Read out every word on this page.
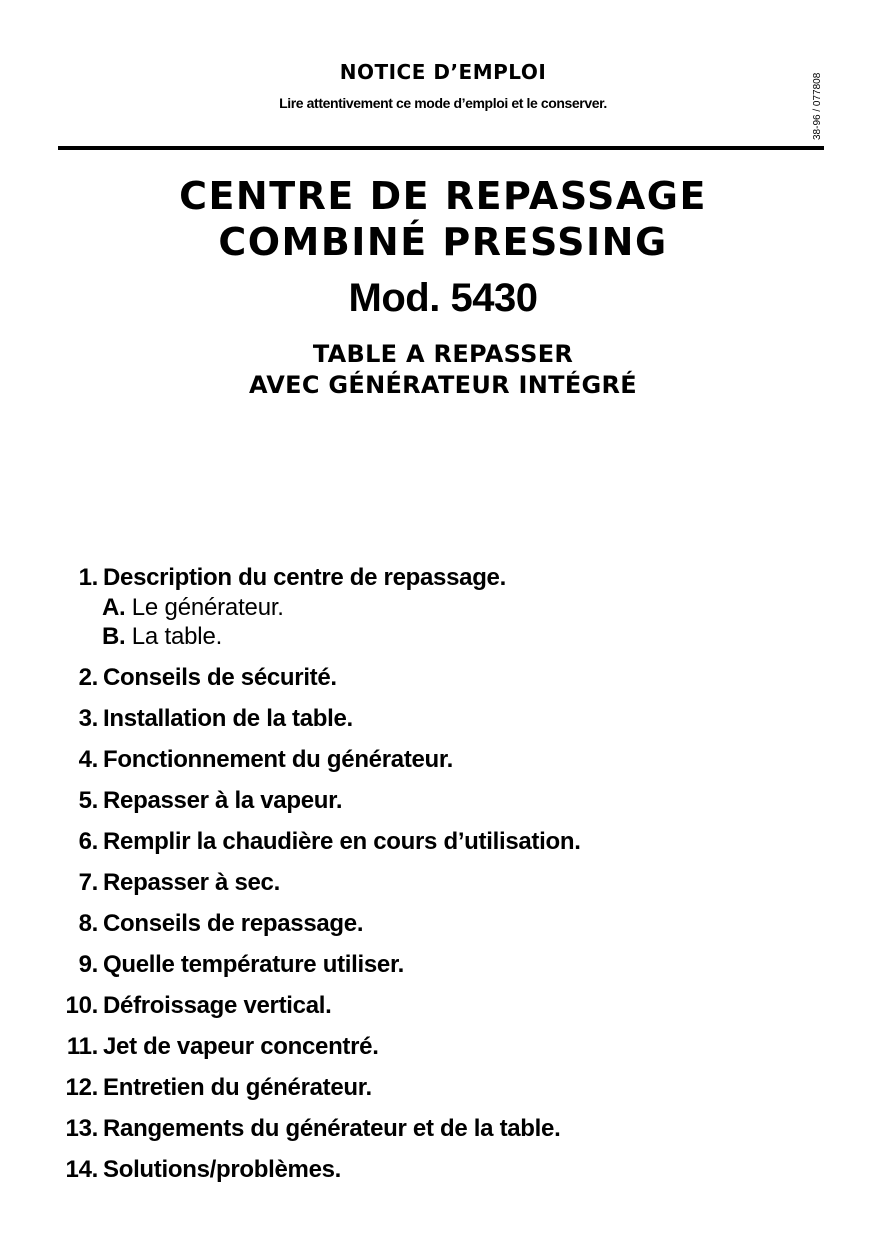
NOTICE D’EMPLOI
Lire attentivement ce mode d’emploi et le conserver.	38-96 / 077808
CENTRE DE REPASSAGE
COMBINÉ PRESSING
Mod. 5430
TABLE A REPASSER
AVEC GÉNÉRATEUR INTÉGRÉ
1. Description du centre de repassage.
A. Le générateur.
B. La table.
2. Conseils de sécurité.
3. Installation de la table.
4. Fonctionnement du générateur.
5. Repasser à la vapeur.
6. Remplir la chaudière en cours d’utilisation.
7. Repasser à sec.
8. Conseils de repassage.
9. Quelle température utiliser.
10. Défroissage vertical.
11. Jet de vapeur concentré.
12. Entretien du générateur.
13. Rangements du générateur et de la table.
14. Solutions/problèmes.
